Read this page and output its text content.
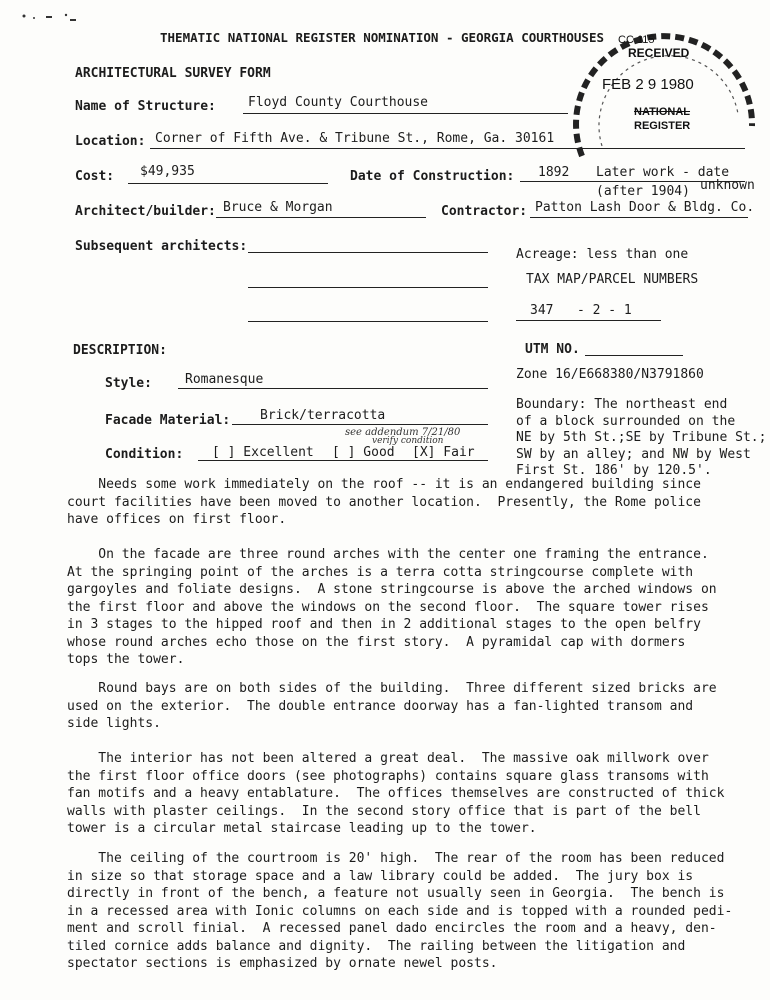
THEMATIC NATIONAL REGISTER NOMINATION - GEORGIA COURTHOUSES
ARCHITECTURAL SURVEY FORM
CC 115
RECEIVED
FEB 2 9 1980
NATIONAL
REGISTER
Name of Structure: Floyd County Courthouse
Location: Corner of Fifth Ave. & Tribune St., Rome, Ga. 30161
Cost: $49,935	Date of Construction: 1892 Later work - date
(after 1904) unknown
Architect/builder: Bruce & Morgan	Contractor: Patton Lash Door & Bldg. Co.
Subsequent architects:
Acreage: less than one
TAX MAP/PARCEL NUMBERS
347   - 2 - 1
UTM NO.
Zone 16/E668380/N3791860
Boundary: The northeast end
of a block surrounded on the
NE by 5th St.;SE by Tribune St.;
SW by an alley; and NW by West
First St. 186' by 120.5'.
DESCRIPTION:
Style:	Romanesque
Facade Material: Brick/terracotta
Condition: [ ] Excellent [ ] Good [X] Fair
see addendum 7/21/80
verify condition
Needs some work immediately on the roof -- it is an endangered building since
court facilities have been moved to another location.  Presently, the Rome police
have offices on first floor.
On the facade are three round arches with the center one framing the entrance.
At the springing point of the arches is a terra cotta stringcourse complete with
gargoyles and foliate designs.  A stone stringcourse is above the arched windows on
the first floor and above the windows on the second floor.  The square tower rises
in 3 stages to the hipped roof and then in 2 additional stages to the open belfry
whose round arches echo those on the first story.  A pyramidal cap with dormers
tops the tower.
Round bays are on both sides of the building.  Three different sized bricks are
used on the exterior.  The double entrance doorway has a fan-lighted transom and
side lights.
The interior has not been altered a great deal.  The massive oak millwork over
the first floor office doors (see photographs) contains square glass transoms with
fan motifs and a heavy entablature.  The offices themselves are constructed of thick
walls with plaster ceilings.  In the second story office that is part of the bell
tower is a circular metal staircase leading up to the tower.
The ceiling of the courtroom is 20' high.  The rear of the room has been reduced
in size so that storage space and a law library could be added.  The jury box is
directly in front of the bench, a feature not usually seen in Georgia.  The bench is
in a recessed area with Ionic columns on each side and is topped with a rounded pedi-
ment and scroll finial.  A recessed panel dado encircles the room and a heavy, den-
tiled cornice adds balance and dignity.  The railing between the litigation and
spectator sections is emphasized by ornate newel posts.
